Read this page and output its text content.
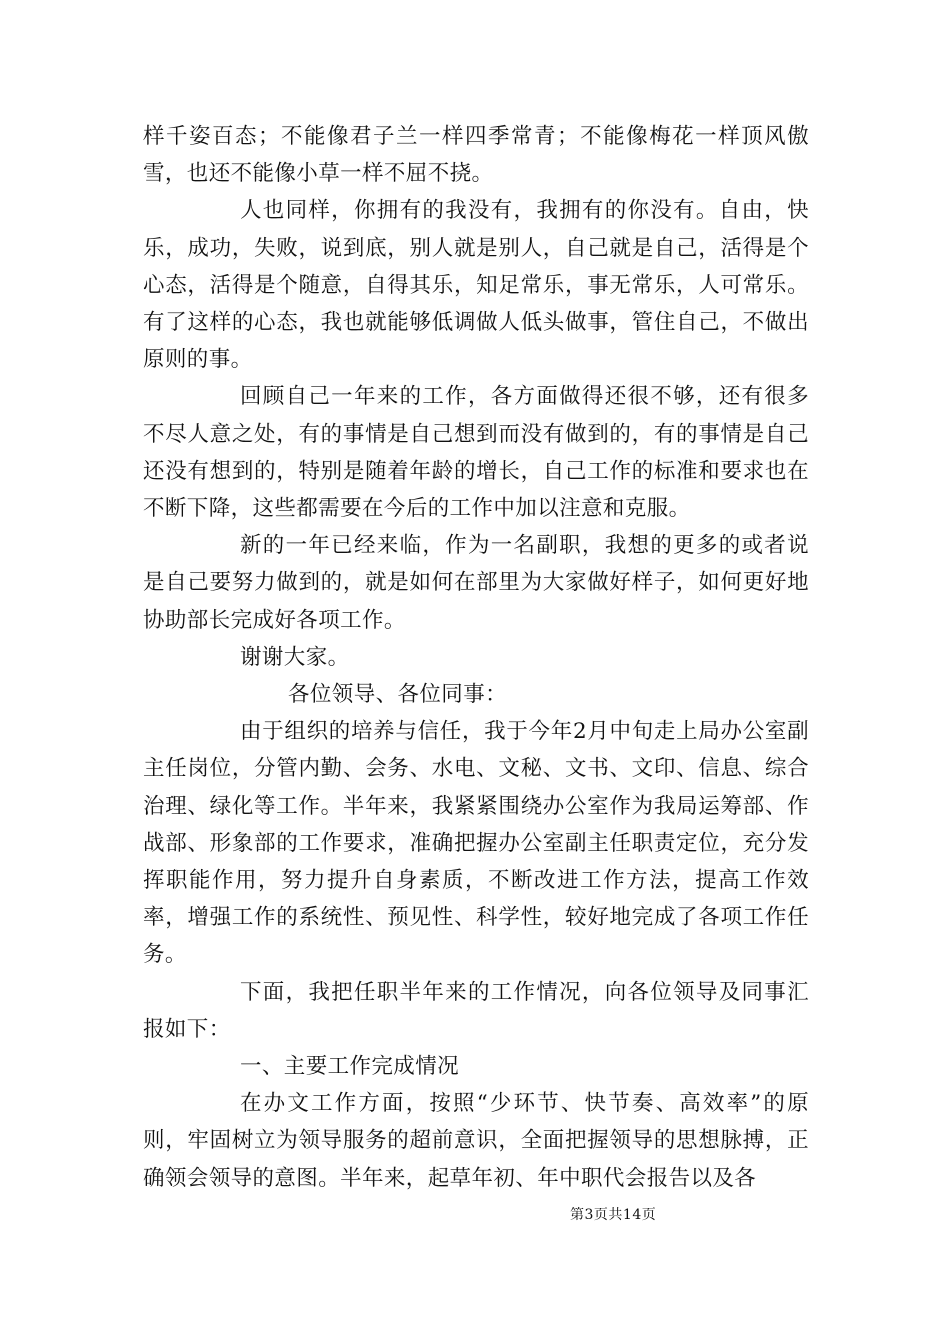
样千姿百态；不能像君子兰一样四季常青；不能像梅花一样顶风傲雪，也还不能像小草一样不屈不挠。

人也同样，你拥有的我没有，我拥有的你没有。自由，快乐，成功，失败，说到底，别人就是别人，自己就是自己，活得是个心态，活得是个随意，自得其乐，知足常乐，事无常乐，人可常乐。有了这样的心态，我也就能够低调做人低头做事，管住自己，不做出原则的事。

回顾自己一年来的工作，各方面做得还很不够，还有很多不尽人意之处，有的事情是自己想到而没有做到的，有的事情是自己还没有想到的，特别是随着年龄的增长，自己工作的标准和要求也在不断下降，这些都需要在今后的工作中加以注意和克服。

新的一年已经来临，作为一名副职，我想的更多的或者说是自己要努力做到的，就是如何在部里为大家做好样子，如何更好地协助部长完成好各项工作。

谢谢大家。

各位领导、各位同事：

由于组织的培养与信任，我于今年2月中旬走上局办公室副主任岗位，分管内勤、会务、水电、文秘、文书、文印、信息、综合治理、绿化等工作。半年来，我紧紧围绕办公室作为我局运筹部、作战部、形象部的工作要求，准确把握办公室副主任职责定位，充分发挥职能作用，努力提升自身素质，不断改进工作方法，提高工作效率，增强工作的系统性、预见性、科学性，较好地完成了各项工作任务。

下面，我把任职半年来的工作情况，向各位领导及同事汇报如下：

一、主要工作完成情况

在办文工作方面，按照“少环节、快节奏、高效率”的原则，牢固树立为领导服务的超前意识，全面把握领导的思想脉搏，正确领会领导的意图。半年来，起草年初、年中职代会报告以及各

第3页共14页
